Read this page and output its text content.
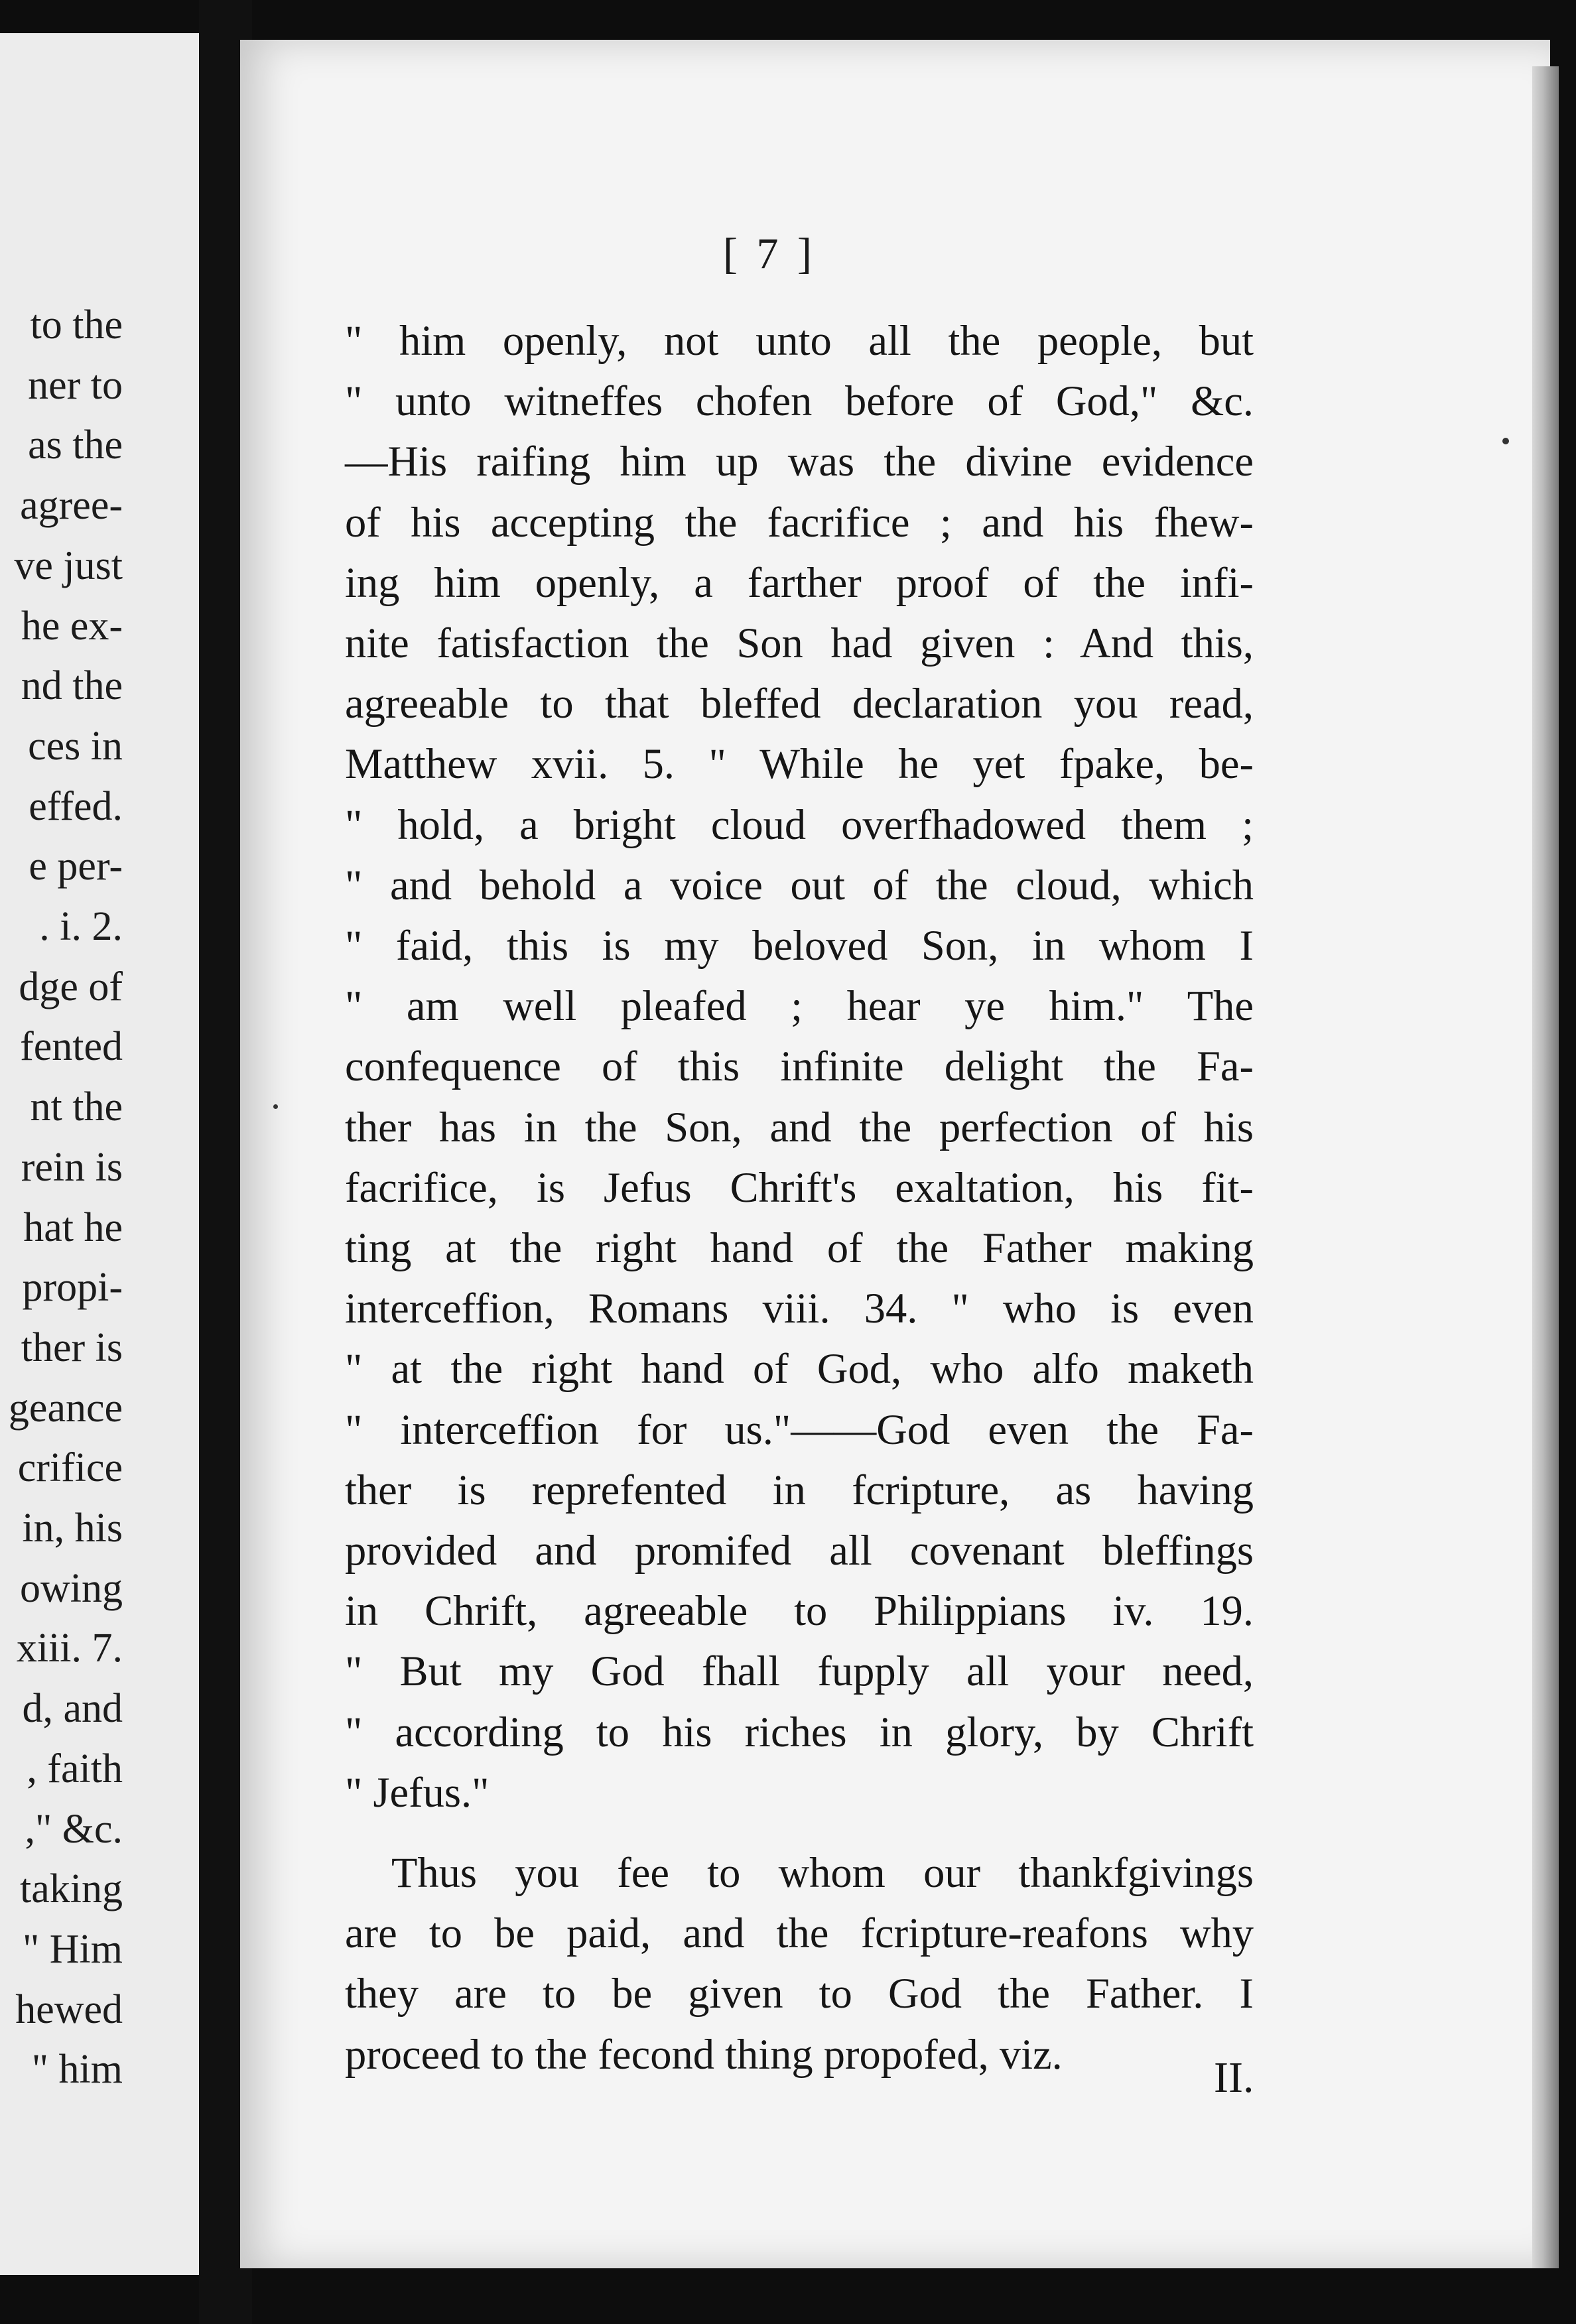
to the
ner to
as the
agree-
ve just
he ex-
nd the
ces in
effed.
e per-
. i. 2.
dge of
fented
nt the
rein is
hat he
propi-
ther is
geance
crifice
in, his
owing
xiii. 7.
d, and
, faith
," &c.
taking
" Him
hewed
" him
[ 7 ]
" him openly, not unto all the people, but
" unto witneffes chofen before of God," &c.
—His raifing him up was the divine evidence
of his accepting the facrifice ; and his fhew-
ing him openly, a farther proof of the infi-
nite fatisfaction the Son had given : And this,
agreeable to that bleffed declaration you read,
Matthew xvii. 5. " While he yet fpake, be-
" hold, a bright cloud overfhadowed them ;
" and behold a voice out of the cloud, which
" faid, this is my beloved Son, in whom I
" am well pleafed ; hear ye him." The
confequence of this infinite delight the Fa-
ther has in the Son, and the perfection of his
facrifice, is Jefus Chrift's exaltation, his fit-
ting at the right hand of the Father making
interceffion, Romans viii. 34. " who is even
" at the right hand of God, who alfo maketh
" interceffion for us."——God even the Fa-
ther is reprefented in fcripture, as having
provided and promifed all covenant bleffings
in Chrift, agreeable to Philippians iv. 19.
" But my God fhall fupply all your need,
" according to his riches in glory, by Chrift
" Jefus."
Thus you fee to whom our thankfgivings
are to be paid, and the fcripture-reafons why
they are to be given to God the Father. I
proceed to the fecond thing propofed, viz.	II.
